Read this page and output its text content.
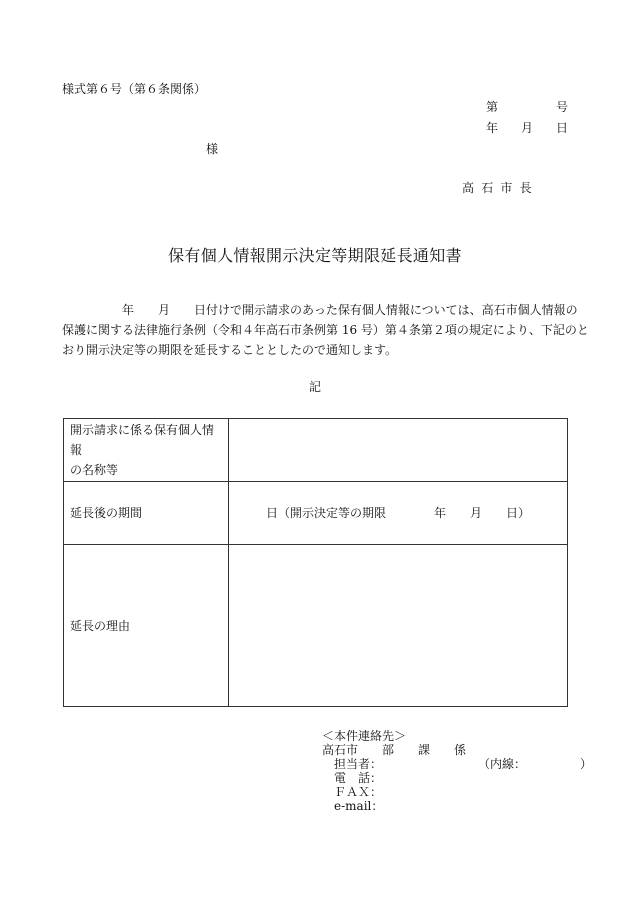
様式第６号（第６条関係）
第	号
年 月 日
様
高石市長
保有個人情報開示決定等期限延長通知書
　　　　　年　　月　　日付けで開示請求のあった保有個人情報については、高石市個人情報の
保護に関する法律施行条例（令和４年高石市条例第 16 号）第４条第２項の規定により、下記のと
おり開示決定等の期限を延長することとしたので通知します。
記
開示請求に係る保有個人情報
の名称等	

延長後の期間	日（開示決定等の期限　　　　年　　月　　日）
延長の理由	
＜本件連絡先＞
高石市　　部　　課　　係
　担当者：　　　　　　　　　（内線：　　　　　）
　電　話：
　ＦＡＸ：
　e-mail：
